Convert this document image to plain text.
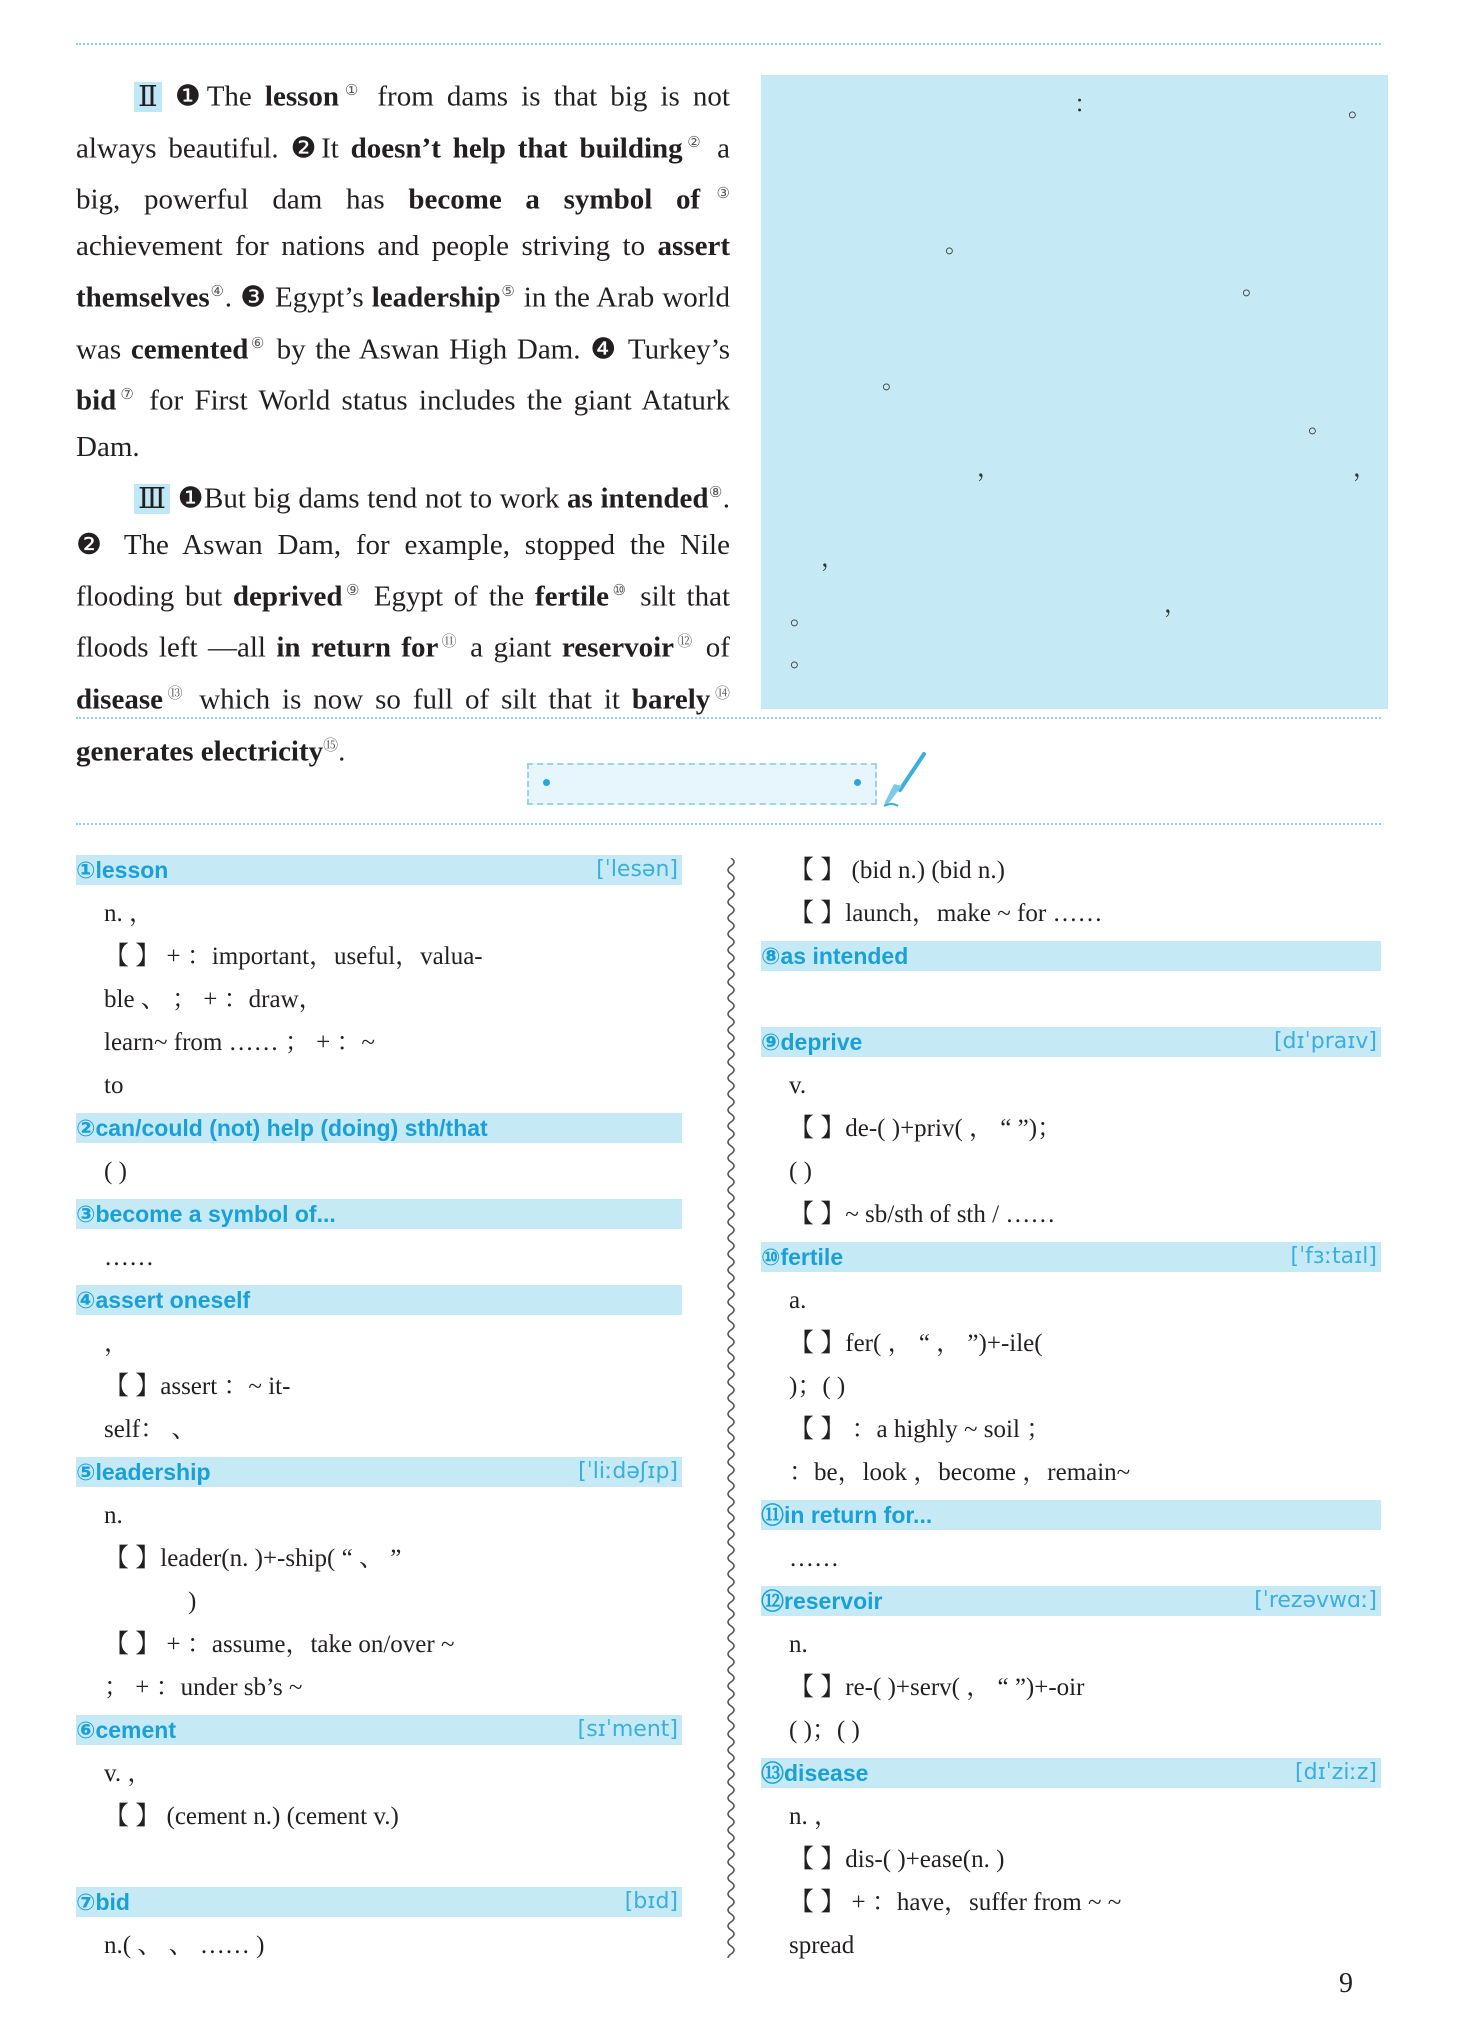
Ⅱ ❶The lesson① from dams is that big is not always beautiful. ❷It doesn’t help that building② a big, powerful dam has become a symbol of③ achievement for nations and people striving to assert themselves④. ❸ Egypt’s leadership⑤ in the Arab world was cemented⑥ by the Aswan High Dam. ❹ Turkey’s bid⑦ for First World status includes the giant Ataturk Dam.

Ⅲ ❶But big dams tend not to work as intended⑧. ❷ The Aswan Dam, for example, stopped the Nile flooding but deprived⑨ Egypt of the fertile⑩ silt that floods left —all in return for⑪ a giant reservoir⑫ of disease⑬ which is now so full of silt that it barely⑭ generates electricity⑮.

：	。
。
。
。
。
，	，
，
，
。
。
①lesson	[ˈlesən]
n. ，
【 】 + ：important，useful，valua-
ble 、 ； + ：draw，
learn~ from …… ； + ：~
to
②can/could (not) help (doing) sth/that
( )
③become a symbol of...
……
④assert oneself
，
【 】assert ：~ it-
self： 、
⑤leadership	[ˈliːdəʃɪp]
n.
【 】leader(n. )+-ship( “ 、 ”
)
【 】 + ：assume，take on/over ~
； + ：under sb’s ~
⑥cement	[sɪˈment]
v. ，
【 】 (cement n.) (cement v.)
⑦bid	[bɪd]
n.( 、 、 …… )
【 】 (bid n.) (bid n.)
【 】launch，make ~ for ……
⑧as intended
⑨deprive	[dɪˈpraɪv]
v.
【 】de-( )+priv( ， “ ”)；
( )
【 】~ sb/sth of sth / ……
⑩fertile	[ˈfɜːtaɪl]
a.
【 】fer( ， “ ， ”)+-ile(
)；( )
【 】 ：a highly ~ soil ；
：be，look ，become ，remain~
⑪in return for...
……
⑫reservoir	[ˈrezəvwɑː]
n.
【 】re-( )+serv( ， “ ”)+-oir
( )；( )
⑬disease	[dɪˈziːz]
n. ，
【 】dis-( )+ease(n. )
【 】 + ：have，suffer from ~ ~
spread
9
